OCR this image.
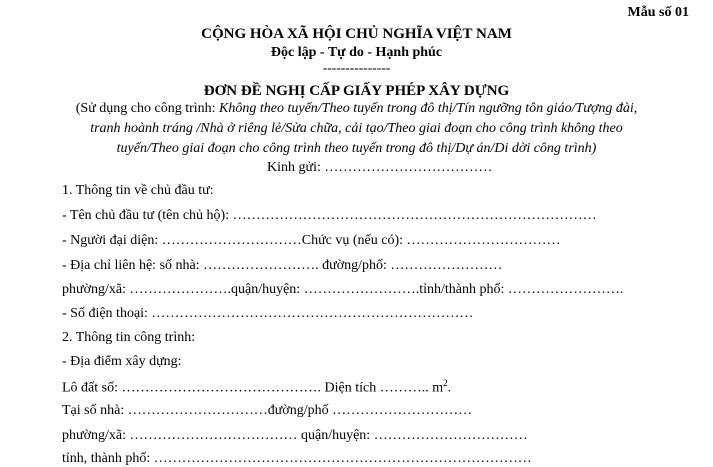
Mẫu số 01
CỘNG HÒA XÃ HỘI CHỦ NGHĨA VIỆT NAM
Độc lập - Tự do - Hạnh phúc
---------------
ĐƠN ĐỀ NGHỊ CẤP GIẤY PHÉP XÂY DỰNG
(Sử dụng cho công trình: Không theo tuyến/Theo tuyến trong đô thị/Tín ngưỡng tôn giáo/Tượng đài,
tranh hoành tráng /Nhà ở riêng lẻ/Sửa chữa, cải tạo/Theo giai đoạn cho công trình không theo
tuyến/Theo giai đoạn cho công trình theo tuyến trong đô thị/Dự án/Di dời công trình)
Kinh gửi: ………………………………
1. Thông tin về chủ đầu tư:
- Tên chủ đầu tư (tên chủ hộ): ……………………………………………………………………
- Người đại diện: …………………………Chức vụ (nếu có): ……………………………
- Địa chỉ liên hệ: số nhà: ……………………. đường/phố: ……………………
phường/xã: ………………….quận/huyện: …………………….tỉnh/thành phố: …………………….
- Số điện thoại: ……………………………………………………………
2. Thông tin công trình:
- Địa điểm xây dựng:
Lô đất số: ……………………………………. Diện tích ……….. $m^2$.
Tại số nhà: …………………………đường/phố …………………………
phường/xã: ……………………………… quận/huyện: ……………………………
tỉnh, thành phố: ………………………………………………………………………
